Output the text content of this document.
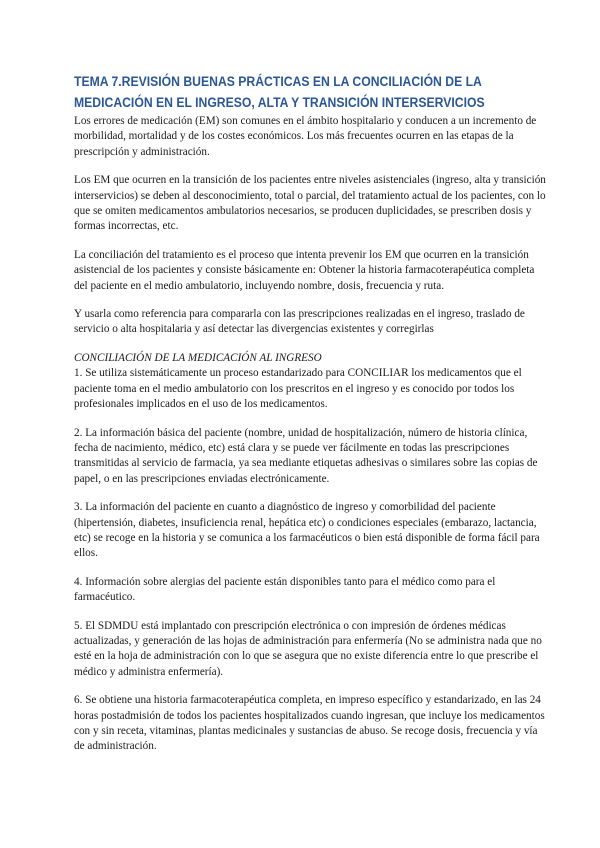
TEMA 7.REVISIÓN BUENAS PRÁCTICAS EN LA CONCILIACIÓN DE LA MEDICACIÓN EN EL INGRESO, ALTA Y TRANSICIÓN INTERSERVICIOS

Los errores de medicación (EM) son comunes en el ámbito hospitalario y conducen a un incremento de morbilidad, mortalidad y de los costes económicos. Los más frecuentes ocurren en las etapas de la prescripción y administración.

Los EM que ocurren en la transición de los pacientes entre niveles asistenciales (ingreso, alta y transición interservicios) se deben al desconocimiento, total o parcial, del tratamiento actual de los pacientes, con lo que se omiten medicamentos ambulatorios necesarios, se producen duplicidades, se prescriben dosis y formas incorrectas, etc.

La conciliación del tratamiento es el proceso que intenta prevenir los EM que ocurren en la transición asistencial de los pacientes y consiste básicamente en: Obtener la historia farmacoterapéutica completa del paciente en el medio ambulatorio, incluyendo nombre, dosis, frecuencia y ruta.

Y usarla como referencia para compararla con las prescripciones realizadas en el ingreso, traslado de servicio o alta hospitalaria y así detectar las divergencias existentes y corregirlas

CONCILIACIÓN DE LA MEDICACIÓN AL INGRESO

1. Se utiliza sistemáticamente un proceso estandarizado para CONCILIAR los medicamentos que el paciente toma en el medio ambulatorio con los prescritos en el ingreso y es conocido por todos los profesionales implicados en el uso de los medicamentos.

2. La información básica del paciente (nombre, unidad de hospitalización, número de historia clínica, fecha de nacimiento, médico, etc) está clara y se puede ver fácilmente en todas las prescripciones transmitidas al servicio de farmacia, ya sea mediante etiquetas adhesivas o similares sobre las copias de papel, o en las prescripciones enviadas electrónicamente.

3. La información del paciente en cuanto a diagnóstico de ingreso y comorbilidad del paciente (hipertensión, diabetes, insuficiencia renal, hepática etc) o condiciones especiales (embarazo, lactancia, etc) se recoge en la historia y se comunica a los farmacéuticos o bien está disponible de forma fácil para ellos.

4. Información sobre alergias del paciente están disponibles tanto para el médico como para el farmacéutico.

5. El SDMDU está implantado con prescripción electrónica o con impresión de órdenes médicas actualizadas, y generación de las hojas de administración para enfermería (No se administra nada que no esté en la hoja de administración con lo que se asegura que no existe diferencia entre lo que prescribe el médico y administra enfermería).

6. Se obtiene una historia farmacoterapéutica completa, en impreso específico y estandarizado, en las 24 horas postadmisión de todos los pacientes hospitalizados cuando ingresan, que incluye los medicamentos con y sin receta, vitaminas, plantas medicinales y sustancias de abuso. Se recoge dosis, frecuencia y vía de administración.
